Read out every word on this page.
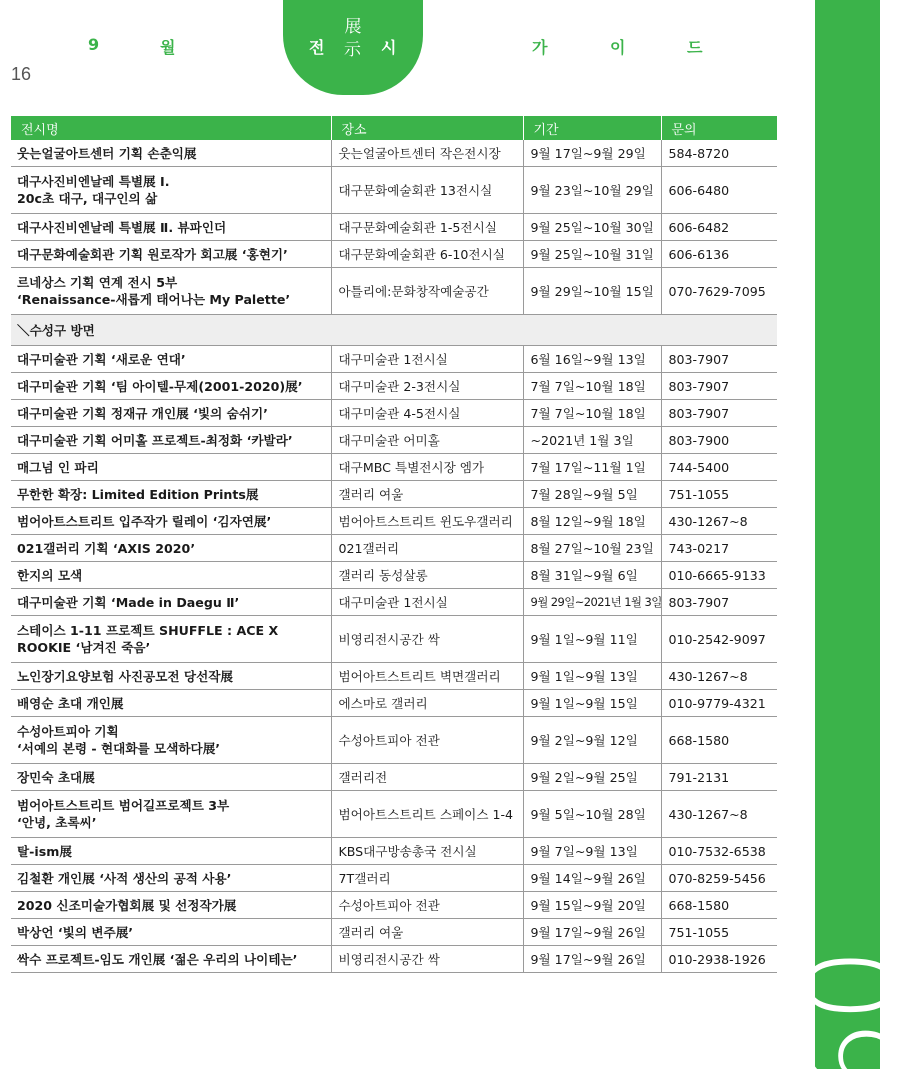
09
9	월
展
전 示 시	가	이	드
16
전시명	장소	기간	문의

웃는얼굴아트센터 기획 손춘익展	웃는얼굴아트센터 작은전시장	9월 17일~9월 29일	584-8720

대구사진비엔날레 특별展 Ⅰ.
20c초 대구, 대구인의 삶	대구문화예술회관 13전시실	9월 23일~10월 29일	606-6480

대구사진비엔날레 특별展 Ⅱ. 뷰파인더	대구문화예술회관 1-5전시실	9월 25일~10월 30일	606-6482

대구문화예술회관 기획 원로작가 회고展 ‘홍현기’	대구문화예술회관 6-10전시실	9월 25일~10월 31일	606-6136

르네상스 기획 연계 전시 5부
‘Renaissance-새롭게 태어나는 My Palette’	아틀리에:문화창작예술공간	9월 29일~10월 15일	070-7629-7095
＼수성구 방면			

대구미술관 기획 ‘새로운 연대’	대구미술관 1전시실	6월 16일~9월 13일	803-7907

대구미술관 기획 ‘팀 아이텔-무제(2001-2020)展’	대구미술관 2-3전시실	7월 7일~10월 18일	803-7907

대구미술관 기획 정재규 개인展 ‘빛의 숨쉬기’	대구미술관 4-5전시실	7월 7일~10월 18일	803-7907

대구미술관 기획 어미홀 프로젝트-최정화 ‘카발라’	대구미술관 어미홀	~2021년 1월 3일	803-7900

매그넘 인 파리	대구MBC 특별전시장 엠가	7월 17일~11월 1일	744-5400

무한한 확장: Limited Edition Prints展	갤러리 여울	7월 28일~9월 5일	751-1055

범어아트스트리트 입주작가 릴레이 ‘김자연展’	범어아트스트리트 윈도우갤러리	8월 12일~9월 18일	430-1267~8

021갤러리 기획 ‘AXIS 2020’	021갤러리	8월 27일~10월 23일	743-0217

한지의 모색	갤러리 동성살롱	8월 31일~9월 6일	010-6665-9133

대구미술관 기획 ‘Made in Daegu Ⅱ’	대구미술관 1전시실	9월 29일~2021년 1월 3일	803-7907

스테이스 1-11 프로젝트 SHUFFLE : ACE X
ROOKIE ‘남겨진 죽음’	비영리전시공간 싹	9월 1일~9월 11일	010-2542-9097

노인장기요양보험 사진공모전 당선작展	범어아트스트리트 벽면갤러리	9월 1일~9월 13일	430-1267~8

배영순 초대 개인展	에스마로 갤러리	9월 1일~9월 15일	010-9779-4321

수성아트피아 기획
‘서예의 본령 - 현대화를 모색하다展’	수성아트피아 전관	9월 2일~9월 12일	668-1580

장민숙 초대展	갤러리전	9월 2일~9월 25일	791-2131

범어아트스트리트 범어길프로젝트 3부
‘안녕, 초록씨’	범어아트스트리트 스페이스 1-4	9월 5일~10월 28일	430-1267~8

탈-ism展	KBS대구방송총국 전시실	9월 7일~9월 13일	010-7532-6538

김철환 개인展 ‘사적 생산의 공적 사용’	7T갤러리	9월 14일~9월 26일	070-8259-5456

2020 신조미술가협회展 및 선정작가展	수성아트피아 전관	9월 15일~9월 20일	668-1580

박상언 ‘빛의 변주展’	갤러리 여울	9월 17일~9월 26일	751-1055

싹수 프로젝트-임도 개인展 ‘젊은 우리의 나이테는’	비영리전시공간 싹	9월 17일~9월 26일	010-2938-1926
